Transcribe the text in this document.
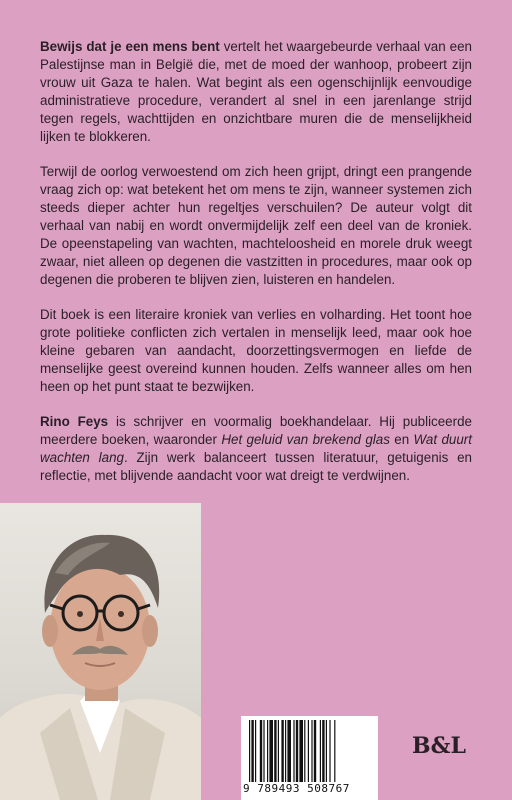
Bewijs dat je een mens bent vertelt het waargebeurde verhaal van een Palestijnse man in België die, met de moed der wanhoop, probeert zijn vrouw uit Gaza te halen. Wat begint als een ogenschijnlijk eenvoudige administratieve procedure, verandert al snel in een jarenlange strijd tegen regels, wachttijden en onzichtbare muren die de menselijkheid lijken te blokkeren.

Terwijl de oorlog verwoestend om zich heen grijpt, dringt een prangende vraag zich op: wat betekent het om mens te zijn, wanneer systemen zich steeds dieper achter hun regeltjes verschuilen? De auteur volgt dit verhaal van nabij en wordt onvermijdelijk zelf een deel van de kroniek. De opeenstapeling van wachten, machteloosheid en morele druk weegt zwaar, niet alleen op degenen die vastzitten in procedures, maar ook op degenen die proberen te blijven zien, luisteren en handelen.

Dit boek is een literaire kroniek van verlies en volharding. Het toont hoe grote politieke conflicten zich vertalen in menselijk leed, maar ook hoe kleine gebaren van aandacht, doorzettingsvermogen en liefde de menselijke geest overeind kunnen houden. Zelfs wanneer alles om hen heen op het punt staat te bezwijken.

Rino Feys is schrijver en voormalig boekhandelaar. Hij publiceerde meerdere boeken, waaronder Het geluid van brekend glas en Wat duurt wachten lang. Zijn werk balanceert tussen literatuur, getuigenis en reflectie, met blijvende aandacht voor wat dreigt te verdwijnen.

9 789493 508767
B&L
